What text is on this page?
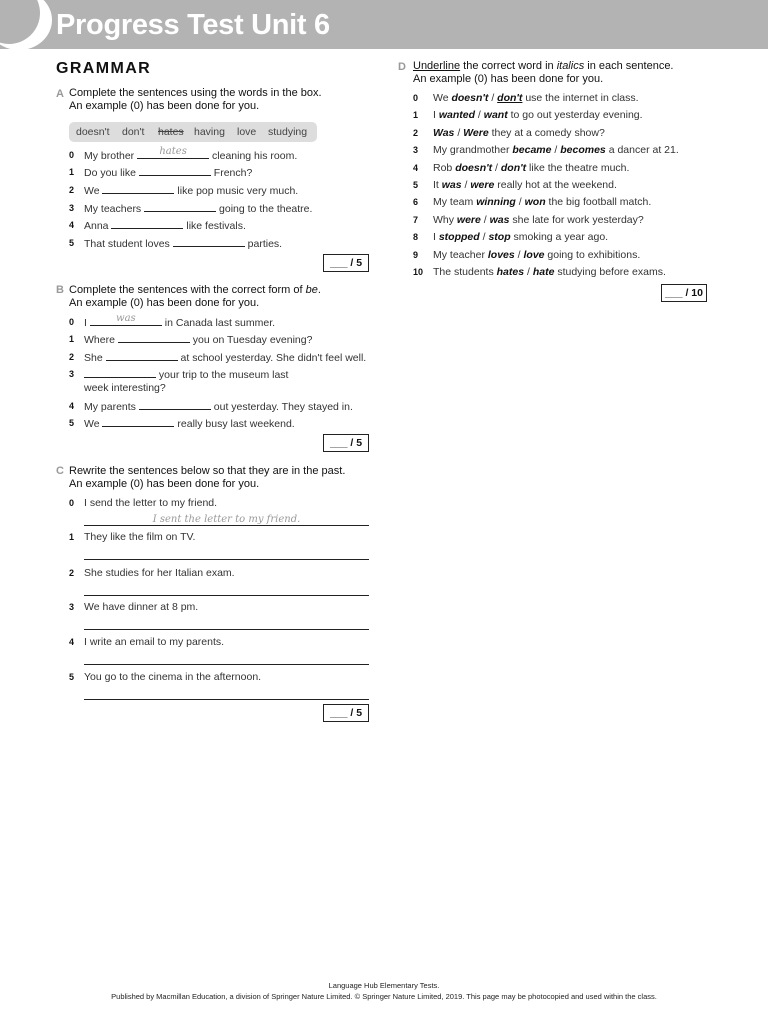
Progress Test Unit 6
GRAMMAR
A Complete the sentences using the words in the box.
An example (0) has been done for you.
doesn't don't hates having love studying
0 My brother	hates	cleaning his room.
1 Do you like	French?
2 We	like pop music very much.
3 My teachers	going to the theatre.
4 Anna	like festivals.
5 That student loves	parties.
___ / 5
B Complete the sentences with the correct form of be.
An example (0) has been done for you.
0 I	was	in Canada last summer.
1 Where	you on Tuesday evening?
2 She	at school yesterday. She didn't feel well.
3	your trip to the museum last
4 My parents	out yesterday. They stayed in.
5 We	really busy last weekend.
week interesting?
___ / 5
C Rewrite the sentences below so that they are in the past.
An example (0) has been done for you.
0 I send the letter to my friend.
I sent the letter to my friend.
1 They like the film on TV.
2 She studies for her Italian exam.
3 We have dinner at 8 pm.
4 I write an email to my parents.
5 You go to the cinema in the afternoon.
___ / 5
D Underline the correct word in italics in each sentence.
An example (0) has been done for you.
0 We doesn't / don't use the internet in class.
1 I wanted / want to go out yesterday evening.
2 Was / Were they at a comedy show?
3 My grandmother became / becomes a dancer at 21.
4 Rob doesn't / don't like the theatre much.
5 It was / were really hot at the weekend.
6 My team winning / won the big football match.
7 Why were / was she late for work yesterday?
8 I stopped / stop smoking a year ago.
9 My teacher loves / love going to exhibitions.
10 The students hates / hate studying before exams.
___ / 10
Language Hub Elementary Tests.
Published by Macmillan Education, a division of Springer Nature Limited. © Springer Nature Limited, 2019. This page may be photocopied and used within the class.
